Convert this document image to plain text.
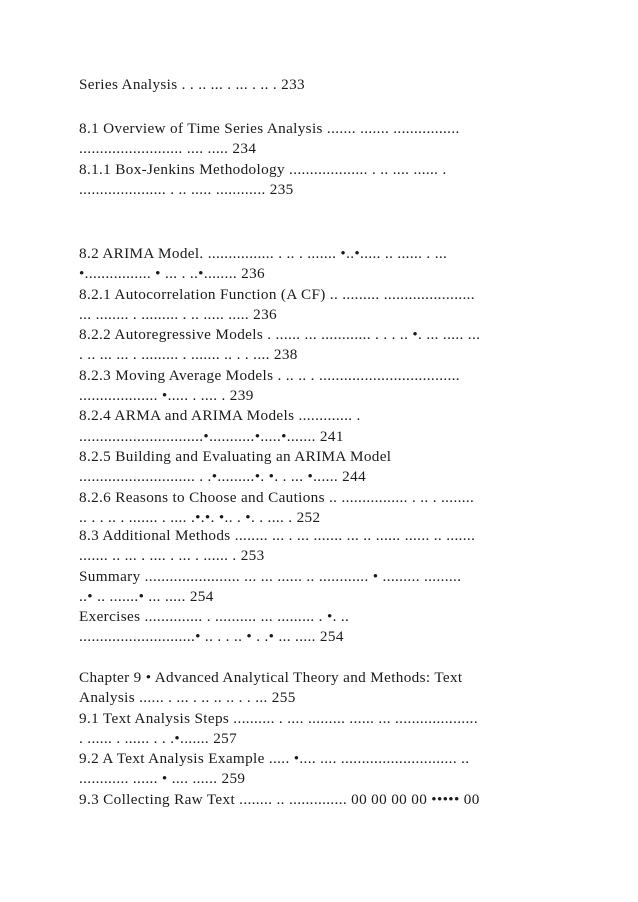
Series Analysis . . .. ... . ... . .. . 233
8.1 Overview of Time Series Analysis ....... ....... ................
......................... .... ..... 234
8.1.1 Box-Jenkins Methodology ................... . .. .... ...... .
..................... . .. ..... ............ 235
8.2 ARIMA Model. ................ . .. . ....... •..•..... .. ...... . ...
•................ • ... . ..•........ 236
8.2.1 Autocorrelation Function (A CF) .. ......... ......................
... ........ . ......... . .. ..... ..... 236
8.2.2 Autoregressive Models . ...... ... ............ . . . .. •. ... ..... ...
. .. ... ... . ......... . ....... .. . . .... 238
8.2.3 Moving Average Models . .. .. . ..................................
................... •..... . .... . 239
8.2.4 ARMA and ARIMA Models ............. .
..............................•...........•.....•....... 241
8.2.5 Building and Evaluating an ARIMA Model
............................ . .•.........•. •. . ... •...... 244
8.2.6 Reasons to Choose and Cautions .. ................ . .. . ........
.. . . .. . ....... . .... .•.•. •.. . •. . .... . 252
8.3 Additional Methods ........ ... . ... ....... ... .. ...... ...... .. .......
....... .. ... . .... . ... . ...... . 253
Summary ....................... ... ... ...... .. ............ • ......... .........
..• .. .......• ... ..... 254
Exercises .............. . .......... ... ......... . •. ..
............................• .. . . .. • . .• ... ..... 254
Chapter 9 • Advanced Analytical Theory and Methods: Text
Analysis ...... . ... . .. .. .. . . ... 255
9.1 Text Analysis Steps .......... . .... ......... ...... ... ....................
. ...... . ...... . . .•....... 257
9.2 A Text Analysis Example ..... •.... .... ............................ ..
............ ...... • .... ...... 259
9.3 Collecting Raw Text ........ .. .............. 00 00 00 00 ••••• 00
